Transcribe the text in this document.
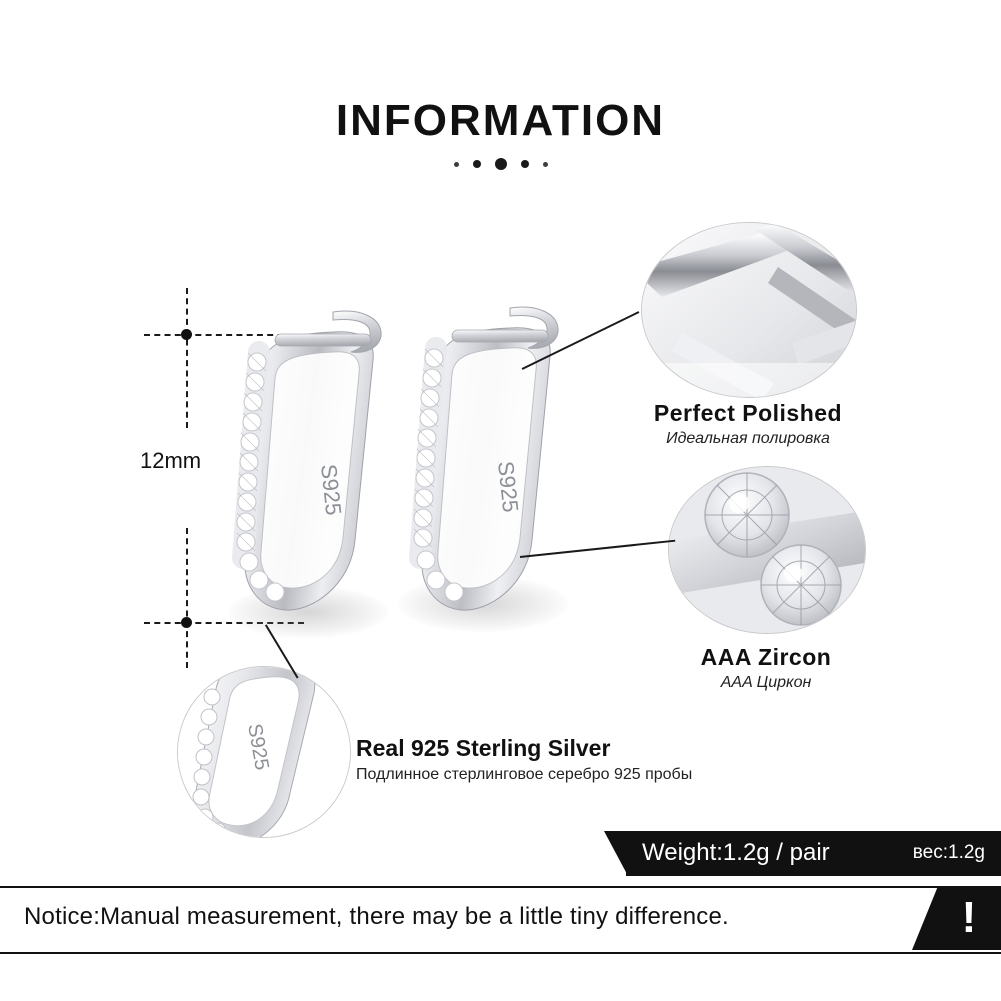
INFORMATION
12mm
S925	S925
Perfect Polished
Идеальная полировка
AAA Zircon
AAA Циркон
S925	Real 925 Sterling Silver
Подлинное стерлинговое серебро 925 пробы
Weight:1.2g / pair	вес:1.2g
Notice:Manual measurement, there may be a little tiny difference.	!
